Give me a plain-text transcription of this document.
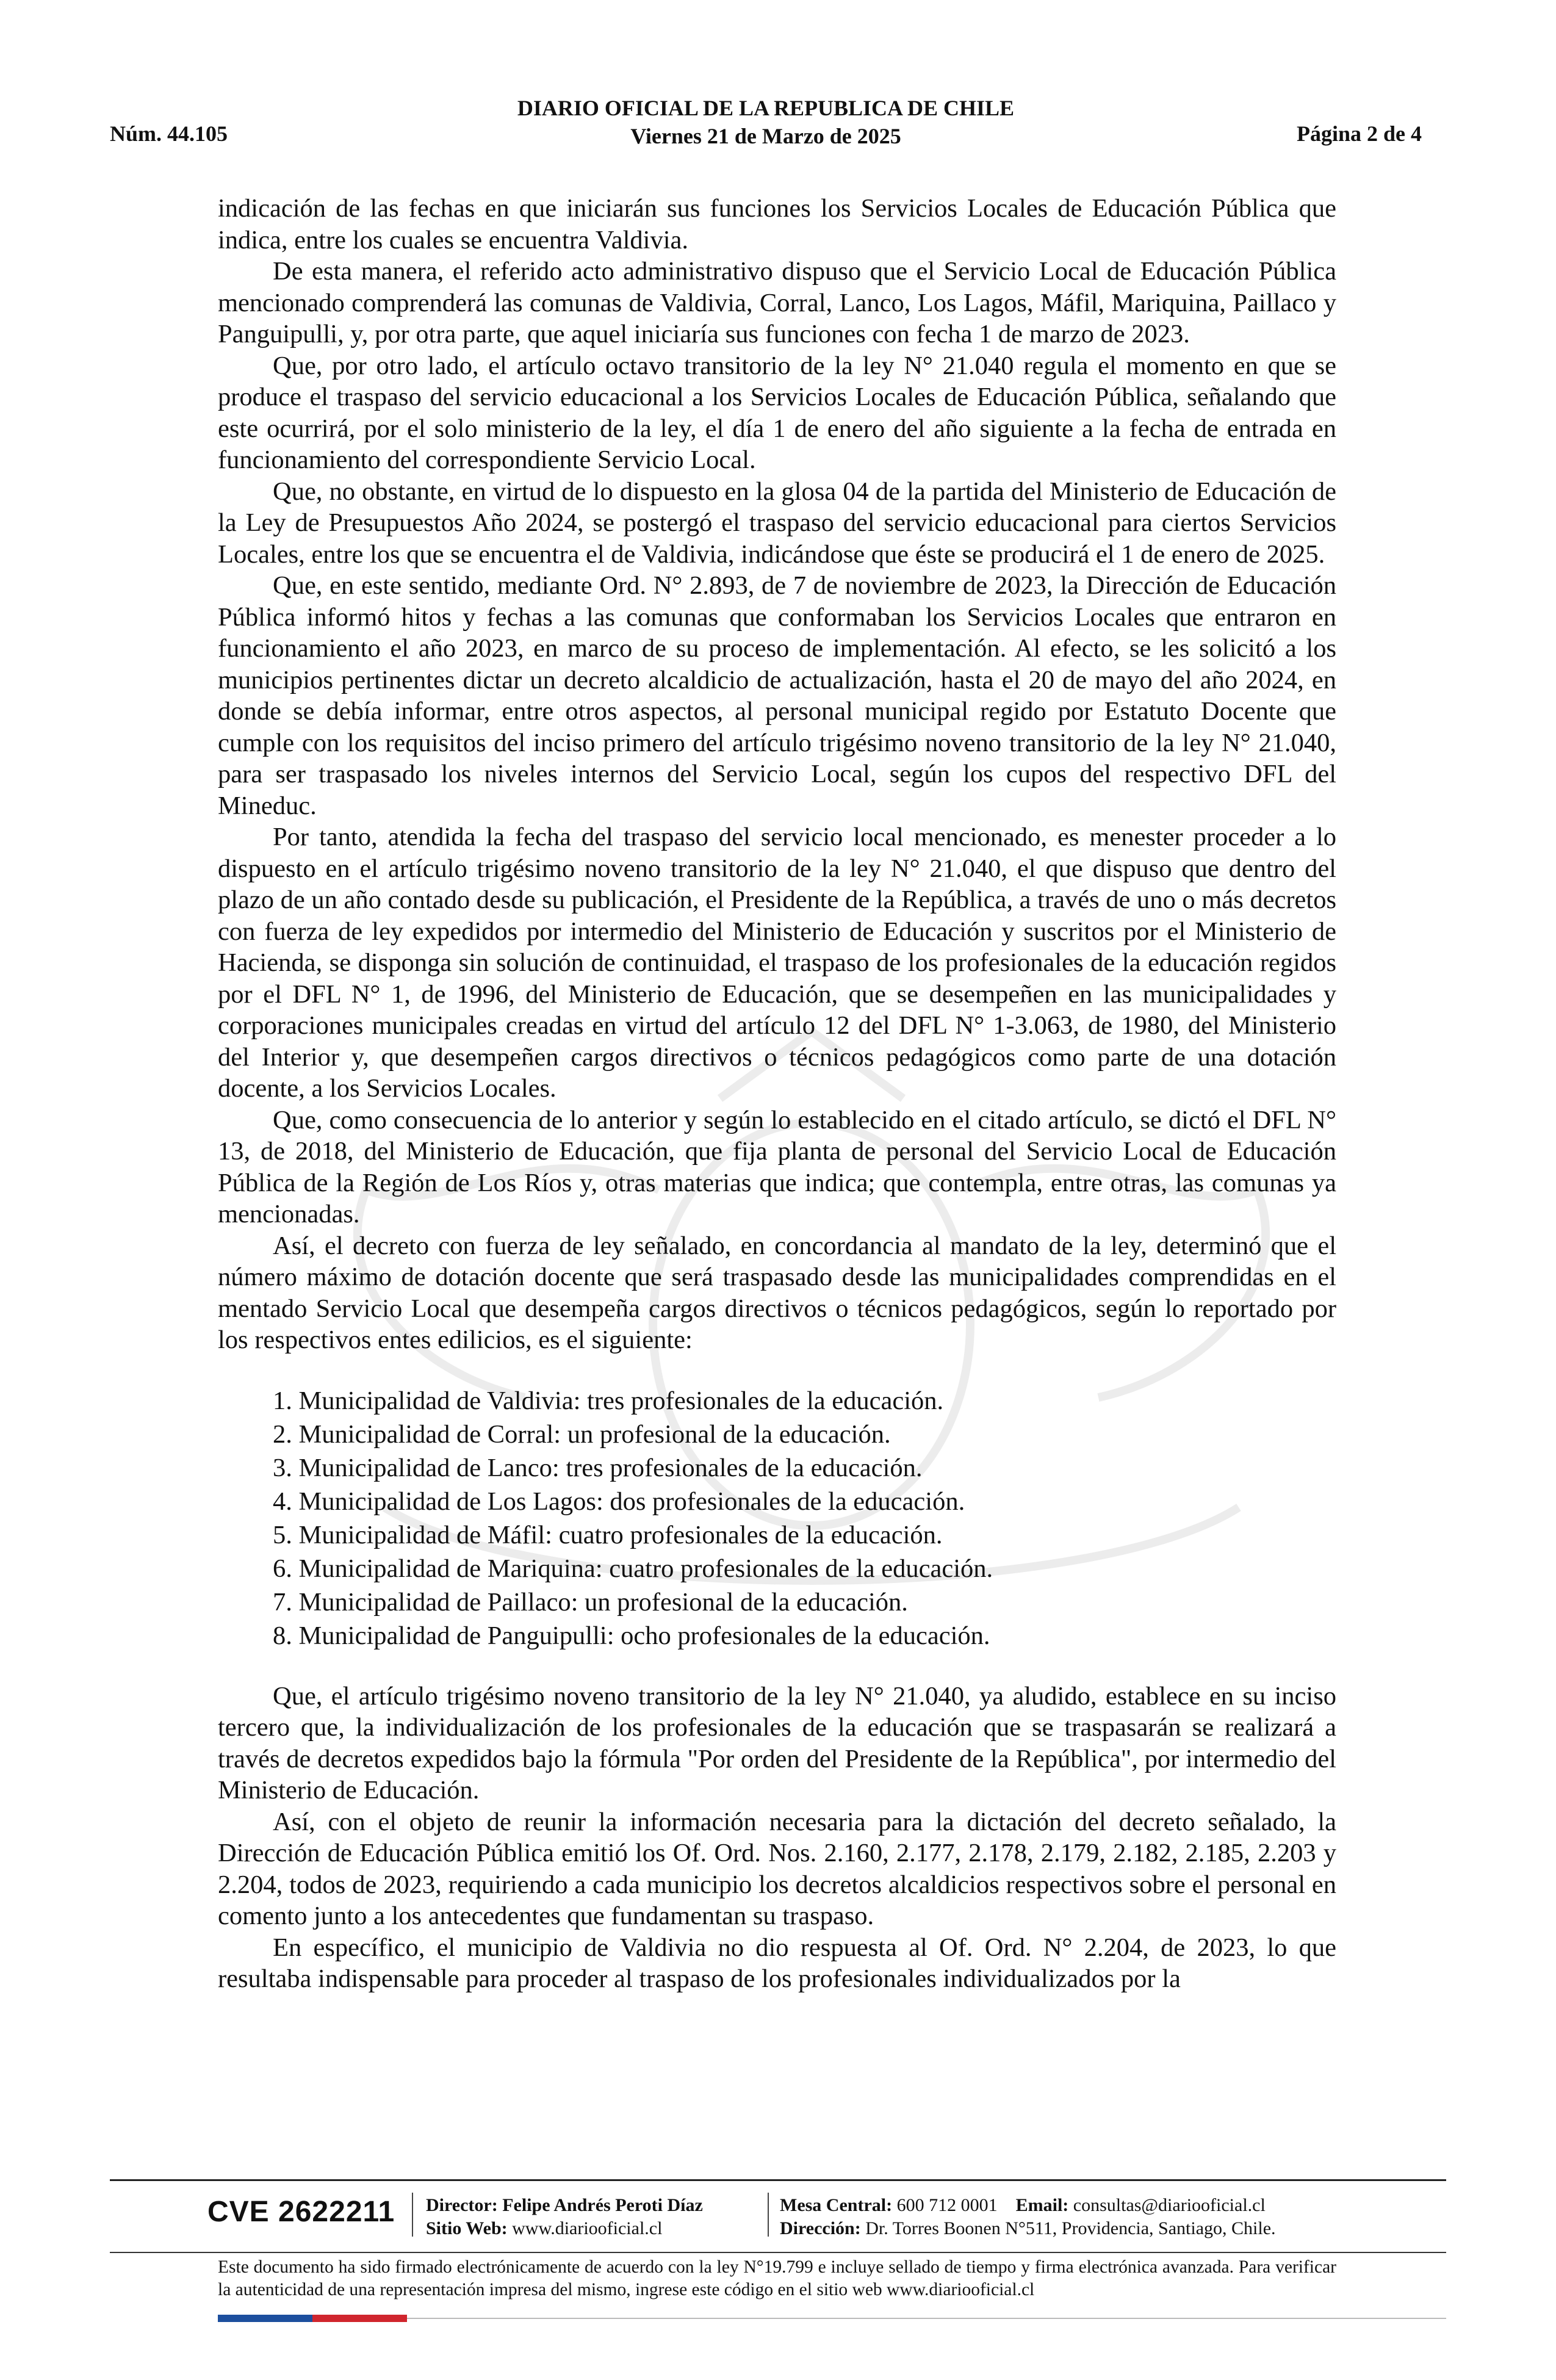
Núm. 44.105
DIARIO OFICIAL DE LA REPUBLICA DE CHILE
Viernes 21 de Marzo de 2025	Página 2 de 4

indicación de las fechas en que iniciarán sus funciones los Servicios Locales de Educación Pública que indica, entre los cuales se encuentra Valdivia.

De esta manera, el referido acto administrativo dispuso que el Servicio Local de Educación Pública mencionado comprenderá las comunas de Valdivia, Corral, Lanco, Los Lagos, Máfil, Mariquina, Paillaco y Panguipulli, y, por otra parte, que aquel iniciaría sus funciones con fecha 1 de marzo de 2023.

Que, por otro lado, el artículo octavo transitorio de la ley N° 21.040 regula el momento en que se produce el traspaso del servicio educacional a los Servicios Locales de Educación Pública, señalando que este ocurrirá, por el solo ministerio de la ley, el día 1 de enero del año siguiente a la fecha de entrada en funcionamiento del correspondiente Servicio Local.

Que, no obstante, en virtud de lo dispuesto en la glosa 04 de la partida del Ministerio de Educación de la Ley de Presupuestos Año 2024, se postergó el traspaso del servicio educacional para ciertos Servicios Locales, entre los que se encuentra el de Valdivia, indicándose que éste se producirá el 1 de enero de 2025.

Que, en este sentido, mediante Ord. N° 2.893, de 7 de noviembre de 2023, la Dirección de Educación Pública informó hitos y fechas a las comunas que conformaban los Servicios Locales que entraron en funcionamiento el año 2023, en marco de su proceso de implementación. Al efecto, se les solicitó a los municipios pertinentes dictar un decreto alcaldicio de actualización, hasta el 20 de mayo del año 2024, en donde se debía informar, entre otros aspectos, al personal municipal regido por Estatuto Docente que cumple con los requisitos del inciso primero del artículo trigésimo noveno transitorio de la ley N° 21.040, para ser traspasado los niveles internos del Servicio Local, según los cupos del respectivo DFL del Mineduc.

Por tanto, atendida la fecha del traspaso del servicio local mencionado, es menester proceder a lo dispuesto en el artículo trigésimo noveno transitorio de la ley N° 21.040, el que dispuso que dentro del plazo de un año contado desde su publicación, el Presidente de la República, a través de uno o más decretos con fuerza de ley expedidos por intermedio del Ministerio de Educación y suscritos por el Ministerio de Hacienda, se disponga sin solución de continuidad, el traspaso de los profesionales de la educación regidos por el DFL N° 1, de 1996, del Ministerio de Educación, que se desempeñen en las municipalidades y corporaciones municipales creadas en virtud del artículo 12 del DFL N° 1-3.063, de 1980, del Ministerio del Interior y, que desempeñen cargos directivos o técnicos pedagógicos como parte de una dotación docente, a los Servicios Locales.

Que, como consecuencia de lo anterior y según lo establecido en el citado artículo, se dictó el DFL N° 13, de 2018, del Ministerio de Educación, que fija planta de personal del Servicio Local de Educación Pública de la Región de Los Ríos y, otras materias que indica; que contempla, entre otras, las comunas ya mencionadas.

Así, el decreto con fuerza de ley señalado, en concordancia al mandato de la ley, determinó que el número máximo de dotación docente que será traspasado desde las municipalidades comprendidas en el mentado Servicio Local que desempeña cargos directivos o técnicos pedagógicos, según lo reportado por los respectivos entes edilicios, es el siguiente:

1. Municipalidad de Valdivia: tres profesionales de la educación.
2. Municipalidad de Corral: un profesional de la educación.
3. Municipalidad de Lanco: tres profesionales de la educación.
4. Municipalidad de Los Lagos: dos profesionales de la educación.
5. Municipalidad de Máfil: cuatro profesionales de la educación.
6. Municipalidad de Mariquina: cuatro profesionales de la educación.
7. Municipalidad de Paillaco: un profesional de la educación.
8. Municipalidad de Panguipulli: ocho profesionales de la educación.

Que, el artículo trigésimo noveno transitorio de la ley N° 21.040, ya aludido, establece en su inciso tercero que, la individualización de los profesionales de la educación que se traspasarán se realizará a través de decretos expedidos bajo la fórmula "Por orden del Presidente de la República", por intermedio del Ministerio de Educación.

Así, con el objeto de reunir la información necesaria para la dictación del decreto señalado, la Dirección de Educación Pública emitió los Of. Ord. Nos. 2.160, 2.177, 2.178, 2.179, 2.182, 2.185, 2.203 y 2.204, todos de 2023, requiriendo a cada municipio los decretos alcaldicios respectivos sobre el personal en comento junto a los antecedentes que fundamentan su traspaso.

En específico, el municipio de Valdivia no dio respuesta al Of. Ord. N° 2.204, de 2023, lo que resultaba indispensable para proceder al traspaso de los profesionales individualizados por la

CVE 2622211 Director: Felipe Andrés Peroti Díaz
Sitio Web: www.diariooficial.cl
Mesa Central: 600 712 0001 Email: consultas@diariooficial.cl
Dirección: Dr. Torres Boonen N°511, Providencia, Santiago, Chile.
Este documento ha sido firmado electrónicamente de acuerdo con la ley N°19.799 e incluye sellado de tiempo y firma electrónica avanzada. Para verificar la autenticidad de una representación impresa del mismo, ingrese este código en el sitio web www.diariooficial.cl
